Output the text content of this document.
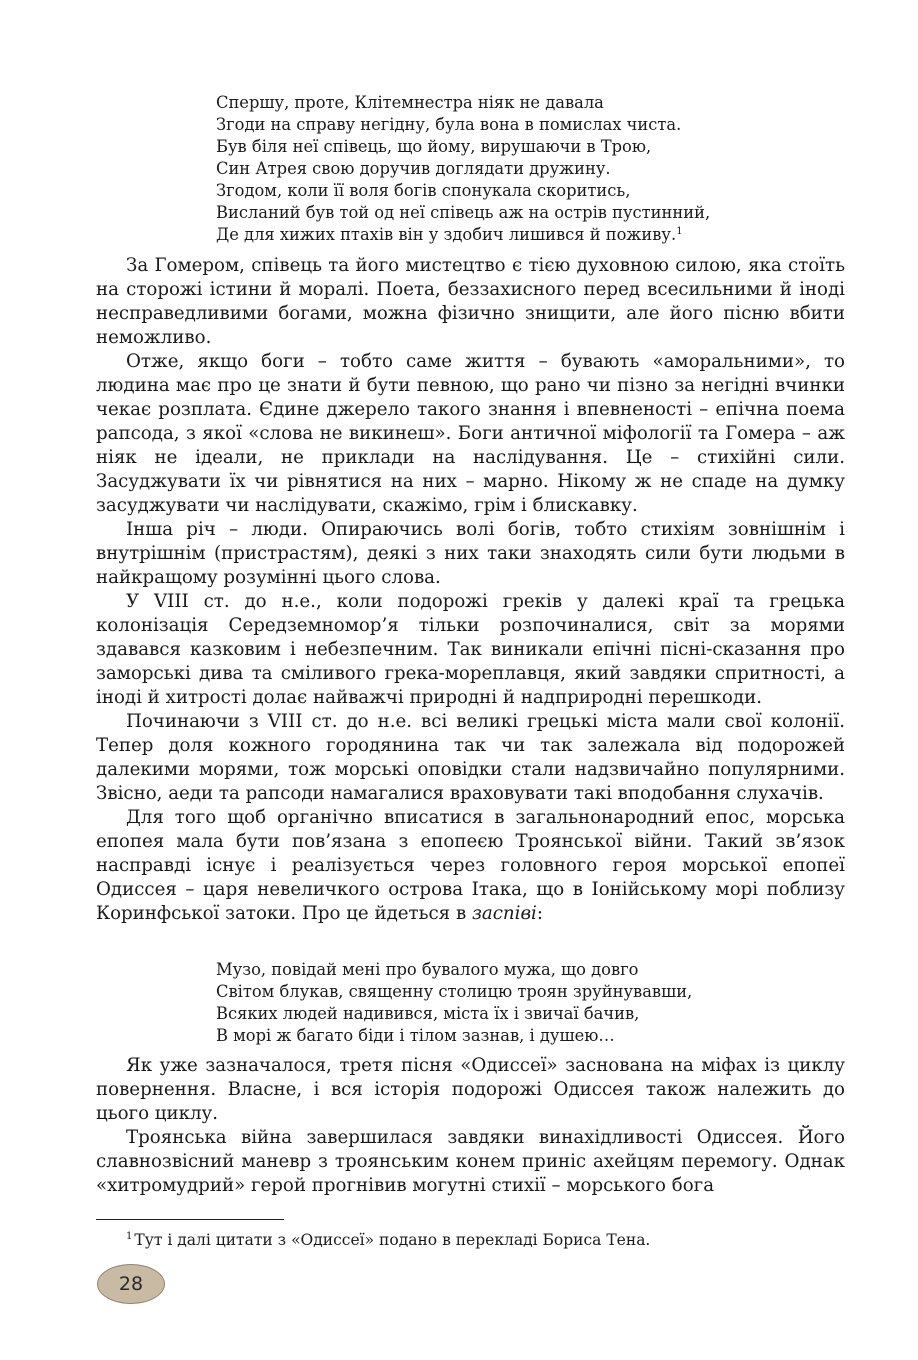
Спершу, проте, Клітемнестра ніяк не давала
Згоди на справу негідну, була вона в помислах чиста.
Був біля неї співець, що йому, вирушаючи в Трою,
Син Атрея свою доручив доглядати дружину.
Згодом, коли її воля богів спонукала скоритись,
Висланий був той од неї співець аж на острів пустинний,
Де для хижих птахів він у здобич лишився й поживу.$^1$

За Гомером, співець та його мистецтво є тією духовною силою, яка стоїть на сторожі істини й моралі. Поета, беззахисного перед всесильними й іноді несправедливими богами, можна фізично знищити, але його пісню вбити неможливо.

Отже, якщо боги – тобто саме життя – бувають «аморальними», то людина має про це знати й бути певною, що рано чи пізно за негідні вчинки чекає розплата. Єдине джерело такого знання і впевненості – епічна поема рапсода, з якої «слова не викинеш». Боги античної міфології та Гомера – аж ніяк не ідеали, не приклади на наслідування. Це – стихійні сили. Засуджувати їх чи рівнятися на них – марно. Нікому ж не спаде на думку засуджувати чи наслідувати, скажімо, грім і блискавку.

Інша річ – люди. Опираючись волі богів, тобто стихіям зовнішнім і внутрішнім (пристрастям), деякі з них таки знаходять сили бути людьми в найкращому розумінні цього слова.

У VIII ст. до н.е., коли подорожі греків у далекі краї та грецька колонізація Середземномор’я тільки розпочиналися, світ за морями здавався казковим і небезпечним. Так виникали епічні пісні-сказання про заморські дива та сміливого грека-мореплавця, який завдяки спритності, а іноді й хитрості долає найважчі природні й надприродні перешкоди.

Починаючи з VIII ст. до н.е. всі великі грецькі міста мали свої колонії. Тепер доля кожного городянина так чи так залежала від подорожей далекими морями, тож морські оповідки стали надзвичайно популярними. Звісно, аеди та рапсоди намагалися враховувати такі вподобання слухачів.

Для того щоб органічно вписатися в загальнонародний епос, морська епопея мала бути пов’язана з епопеєю Троянської війни. Такий зв’язок насправді існує і реалізується через головного героя морської епопеї Одиссея – царя невеличкого острова Ітака, що в Іонійському морі поблизу Коринфської затоки. Про це йдеться в заспіві:

Музо, повідай мені про бувалого мужа, що довго
Світом блукав, священну столицю троян зруйнувавши,
Всяких людей надивився, міста їх і звичаї бачив,
В морі ж багато біди і тілом зазнав, і душею…

Як уже зазначалося, третя пісня «Одиссеї» заснована на міфах із циклу повернення. Власне, і вся історія подорожі Одиссея також належить до цього циклу.

Троянська війна завершилася завдяки винахідливості Одиссея. Його славнозвісний маневр з троянським конем приніс ахейцям перемогу. Однак «хитромудрий» герой прогнівив могутні стихії – морського бога

$^1$ Тут і далі цитати з «Одиссеї» подано в перекладі Бориса Тена.
28
